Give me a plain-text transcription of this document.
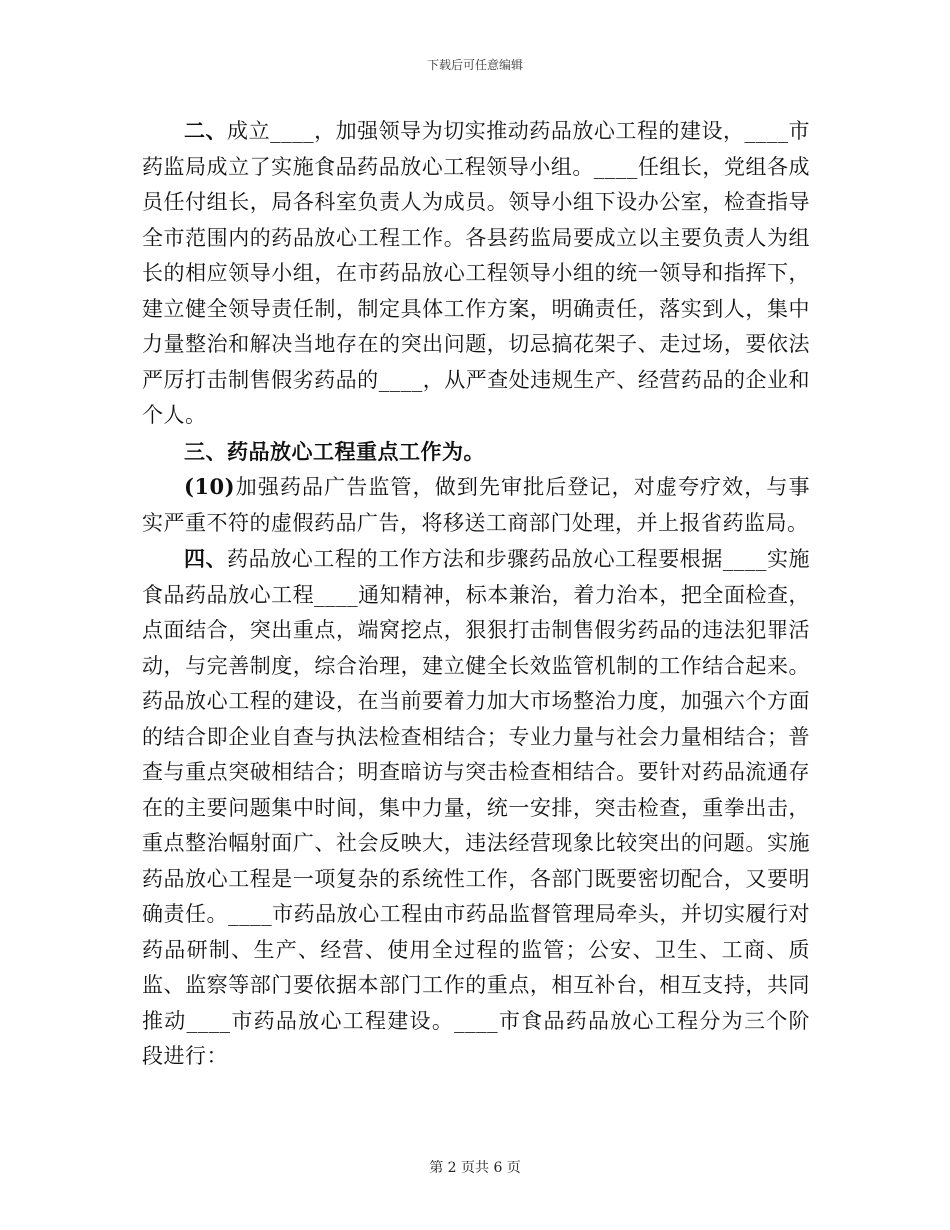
下载后可任意编辑

二、成立____，加强领导为切实推动药品放心工程的建设，____市药监局成立了实施食品药品放心工程领导小组。____任组长，党组各成员任付组长，局各科室负责人为成员。领导小组下设办公室，检查指导全市范围内的药品放心工程工作。各县药监局要成立以主要负责人为组长的相应领导小组，在市药品放心工程领导小组的统一领导和指挥下，建立健全领导责任制，制定具体工作方案，明确责任，落实到人，集中力量整治和解决当地存在的突出问题，切忌搞花架子、走过场，要依法严厉打击制售假劣药品的____，从严查处违规生产、经营药品的企业和个人。

三、药品放心工程重点工作为。

(10)加强药品广告监管，做到先审批后登记，对虚夸疗效，与事实严重不符的虚假药品广告，将移送工商部门处理，并上报省药监局。

四、药品放心工程的工作方法和步骤药品放心工程要根据____实施食品药品放心工程____通知精神，标本兼治，着力治本，把全面检查，点面结合，突出重点，端窝挖点，狠狠打击制售假劣药品的违法犯罪活动，与完善制度，综合治理，建立健全长效监管机制的工作结合起来。药品放心工程的建设，在当前要着力加大市场整治力度，加强六个方面的结合即企业自查与执法检查相结合；专业力量与社会力量相结合；普查与重点突破相结合；明查暗访与突击检查相结合。要针对药品流通存在的主要问题集中时间，集中力量，统一安排，突击检查，重拳出击，重点整治幅射面广、社会反映大，违法经营现象比较突出的问题。实施药品放心工程是一项复杂的系统性工作，各部门既要密切配合，又要明确责任。____市药品放心工程由市药品监督管理局牵头，并切实履行对药品研制、生产、经营、使用全过程的监管；公安、卫生、工商、质监、监察等部门要依据本部门工作的重点，相互补台，相互支持，共同推动____市药品放心工程建设。____市食品药品放心工程分为三个阶段进行：

第 2 页共 6 页
